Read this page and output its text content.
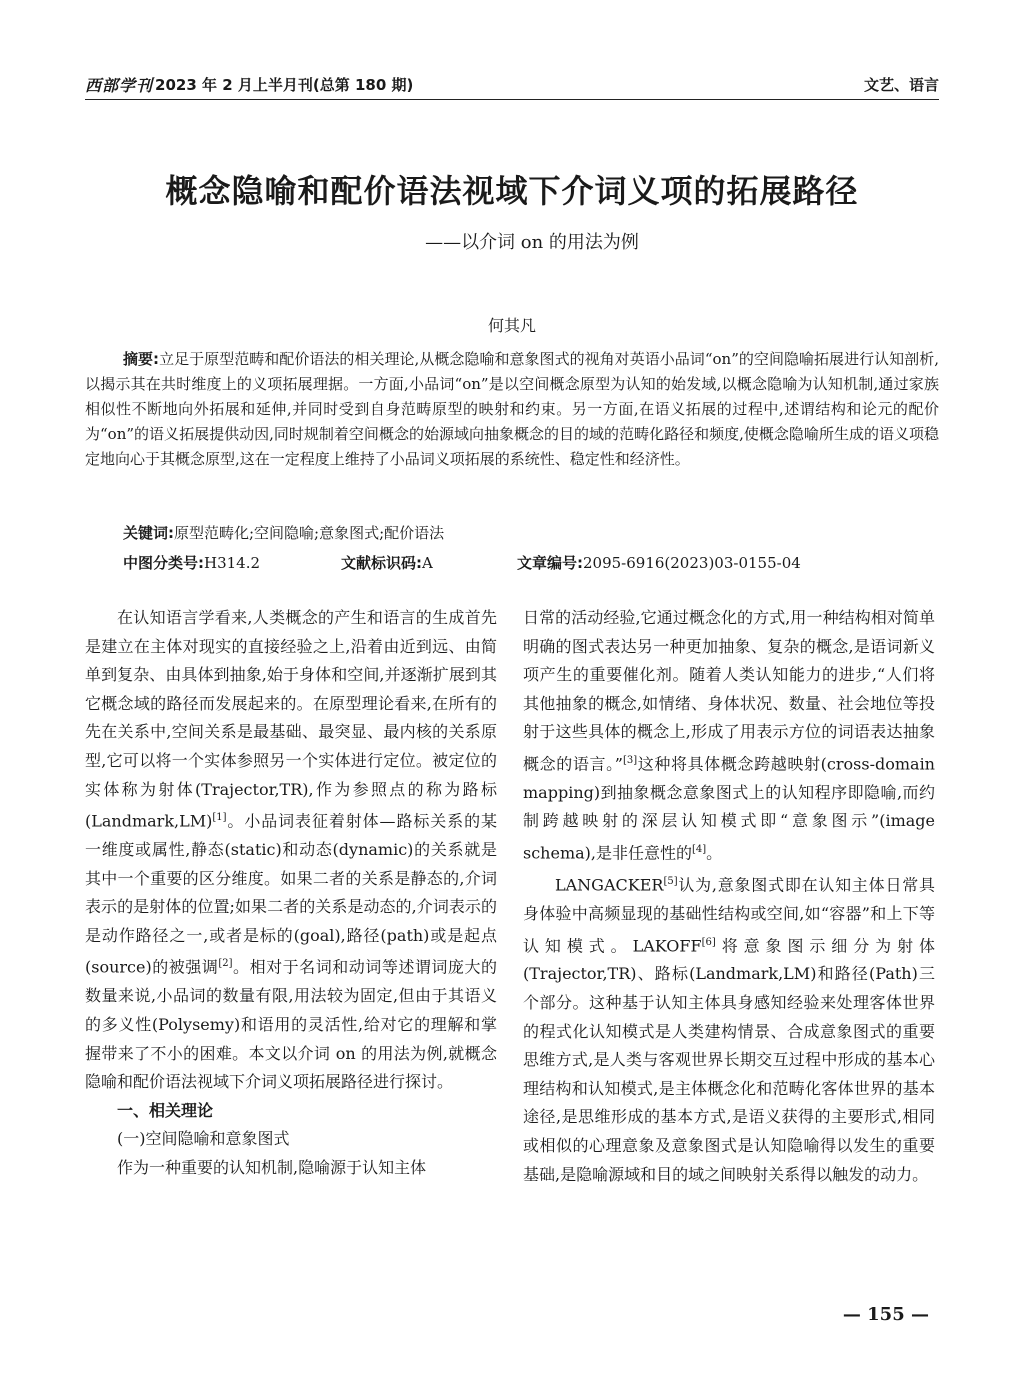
西部学刊 2023 年 2 月上半月刊(总第 180 期)	文艺、语言
概念隐喻和配价语法视域下介词义项的拓展路径
——以介词 on 的用法为例
何其凡
摘要:立足于原型范畴和配价语法的相关理论,从概念隐喻和意象图式的视角对英语小品词“on”的空间隐喻拓展进行认知剖析,以揭示其在共时维度上的义项拓展理据。一方面,小品词“on”是以空间概念原型为认知的始发域,以概念隐喻为认知机制,通过家族相似性不断地向外拓展和延伸,并同时受到自身范畴原型的映射和约束。另一方面,在语义拓展的过程中,述谓结构和论元的配价为“on”的语义拓展提供动因,同时规制着空间概念的始源域向抽象概念的目的域的范畴化路径和频度,使概念隐喻所生成的语义项稳定地向心于其概念原型,这在一定程度上维持了小品词义项拓展的系统性、稳定性和经济性。
关键词:原型范畴化;空间隐喻;意象图式;配价语法
中图分类号:H314.2	文献标识码:A	文章编号:2095-6916(2023)03-0155-04

在认知语言学看来,人类概念的产生和语言的生成首先是建立在主体对现实的直接经验之上,沿着由近到远、由简单到复杂、由具体到抽象,始于身体和空间,并逐渐扩展到其它概念域的路径而发展起来的。在原型理论看来,在所有的先在关系中,空间关系是最基础、最突显、最内核的关系原型,它可以将一个实体参照另一个实体进行定位。被定位的实体称为射体(Trajector,TR),作为参照点的称为路标(Landmark,LM)[1]。小品词表征着射体—路标关系的某一维度或属性,静态(static)和动态(dynamic)的关系就是其中一个重要的区分维度。如果二者的关系是静态的,介词表示的是射体的位置;如果二者的关系是动态的,介词表示的是动作路径之一,或者是标的(goal),路径(path)或是起点(source)的被强调[2]。相对于名词和动词等述谓词庞大的数量来说,小品词的数量有限,用法较为固定,但由于其语义的多义性(Polysemy)和语用的灵活性,给对它的理解和掌握带来了不小的困难。本文以介词 on 的用法为例,就概念隐喻和配价语法视域下介词义项拓展路径进行探讨。

一、相关理论

(一)空间隐喻和意象图式

作为一种重要的认知机制,隐喻源于认知主体

日常的活动经验,它通过概念化的方式,用一种结构相对简单明确的图式表达另一种更加抽象、复杂的概念,是语词新义项产生的重要催化剂。随着人类认知能力的进步,“人们将其他抽象的概念,如情绪、身体状况、数量、社会地位等投射于这些具体的概念上,形成了用表示方位的词语表达抽象概念的语言。”[3]这种将具体概念跨越映射(cross-domain mapping)到抽象概念意象图式上的认知程序即隐喻,而约制跨越映射的深层认知模式即“意象图示”(image schema),是非任意性的[4]。

LANGACKER[5]认为,意象图式即在认知主体日常具身体验中高频显现的基础性结构或空间,如“容器”和上下等认知模式。LAKOFF[6]将意象图示细分为射体(Trajector,TR)、路标(Landmark,LM)和路径(Path)三个部分。这种基于认知主体具身感知经验来处理客体世界的程式化认知模式是人类建构情景、合成意象图式的重要思维方式,是人类与客观世界长期交互过程中形成的基本心理结构和认知模式,是主体概念化和范畴化客体世界的基本途径,是思维形成的基本方式,是语义获得的主要形式,相同或相似的心理意象及意象图式是认知隐喻得以发生的重要基础,是隐喻源域和目的域之间映射关系得以触发的动力。

— 155 —
